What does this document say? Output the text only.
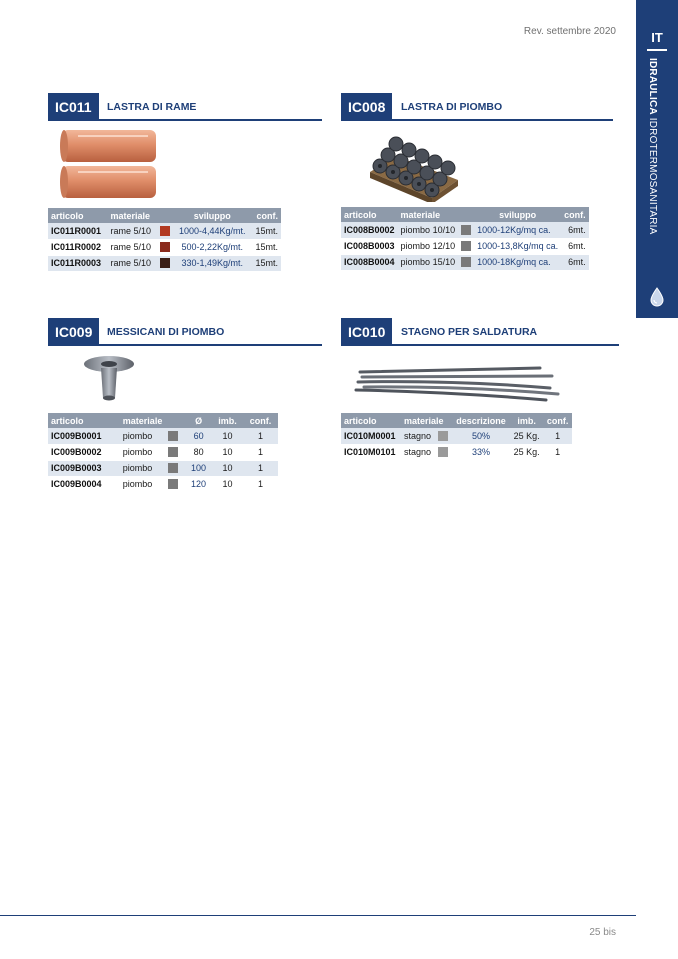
Rev. settembre 2020	IT
IDRAULICA IDROTERMOSANITARIA
IC011	LASTRA DI RAME
articolo	materiale		sviluppo	conf.
IC011R0001	rame 5/10		1000-4,44Kg/mt.	15mt.
IC011R0002	rame 5/10		500-2,22Kg/mt.	15mt.
IC011R0003	rame 5/10		330-1,49Kg/mt.	15mt.
IC008	LASTRA DI PIOMBO
articolo	materiale		sviluppo	conf.
IC008B0002	piombo 10/10		1000-12Kg/mq ca.	6mt.
IC008B0003	piombo 12/10		1000-13,8Kg/mq ca.	6mt.
IC008B0004	piombo 15/10		1000-18Kg/mq ca.	6mt.
IC009	MESSICANI DI PIOMBO
articolo	materiale		Ø	imb.	conf.
IC009B0001	piombo		60	10	1
IC009B0002	piombo		80	10	1
IC009B0003	piombo		100	10	1
IC009B0004	piombo		120	10	1
IC010	STAGNO PER SALDATURA
articolo	materiale		descrizione	imb.	conf.
IC010M0001	stagno		50%	25 Kg.	1
IC010M0101	stagno		33%	25 Kg.	1
25 bis
